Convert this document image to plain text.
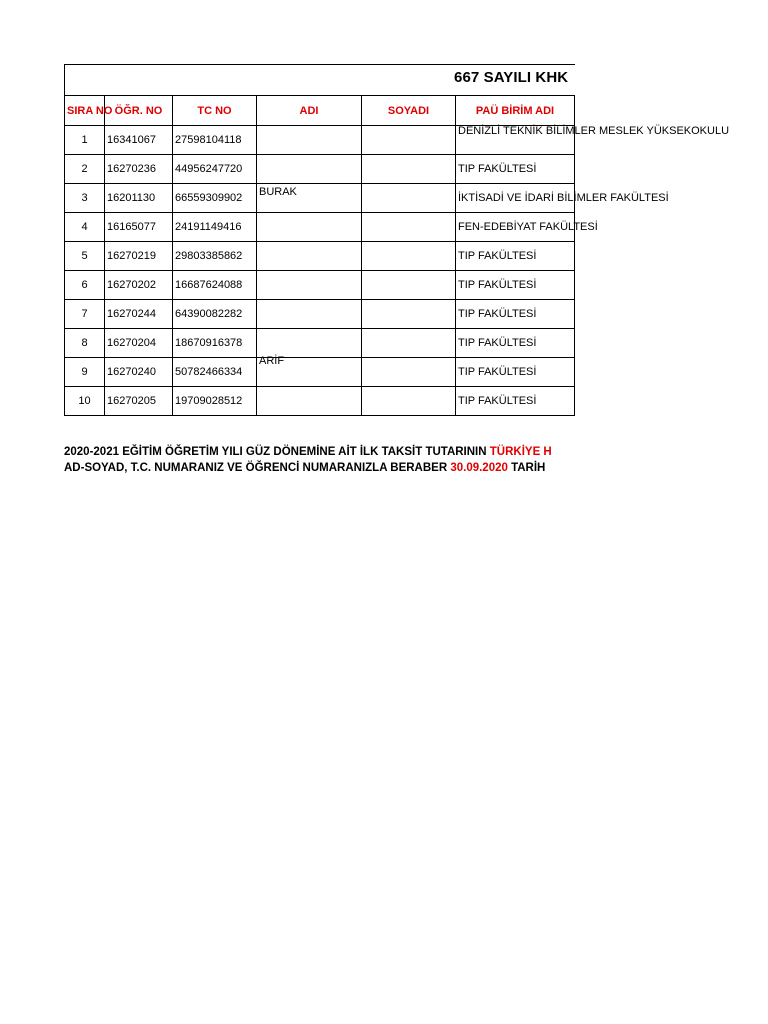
667 SAYILI KHK
SIRA NO	ÖĞR. NO	TC NO	ADI	SOYADI	PAÜ BİRİM ADI
1	16341067	27598104118			DENİZLİ TEKNİK BİLİMLER MESLEK YÜKSEKOKULU
2	16270236	44956247720			TIP FAKÜLTESİ
3	16201130	66559309902	BURAK		İKTİSADİ VE İDARİ BİLİMLER FAKÜLTESİ
4	16165077	24191149416			FEN-EDEBİYAT FAKÜLTESİ
5	16270219	29803385862			TIP FAKÜLTESİ
6	16270202	16687624088			TIP FAKÜLTESİ
7	16270244	64390082282			TIP FAKÜLTESİ
8	16270204	18670916378			TIP FAKÜLTESİ
9	16270240	50782466334	ARİF		TIP FAKÜLTESİ
10	16270205	19709028512			TIP FAKÜLTESİ
2020-2021 EĞİTİM ÖĞRETİM YILI GÜZ DÖNEMİNE AİT İLK TAKSİT TUTARININ TÜRKİYE H
AD-SOYAD, T.C. NUMARANIZ VE ÖĞRENCİ NUMARANIZLA BERABER 30.09.2020 TARİH
